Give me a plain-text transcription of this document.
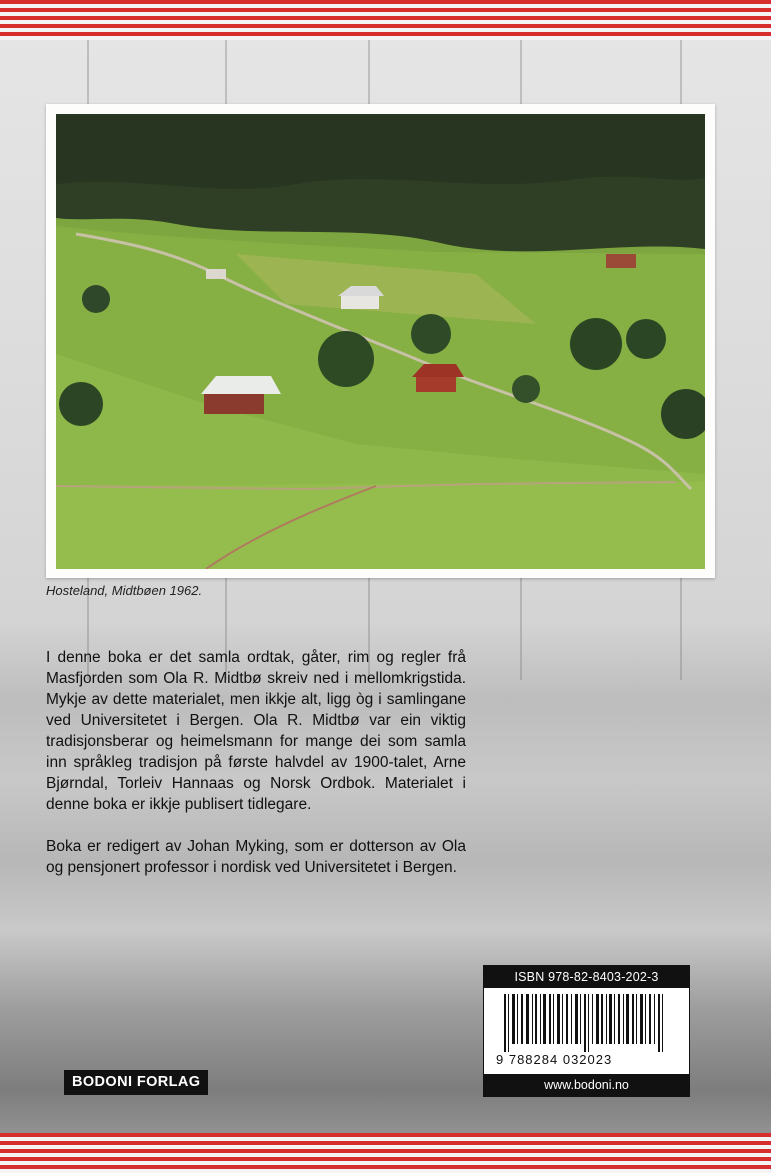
Hosteland, Midtbøen 1962.

I denne boka er det samla ordtak, gåter, rim og regler frå Masfjorden som Ola R. Midtbø skreiv ned i mellomkrigstida. Mykje av dette materialet, men ikkje alt, ligg òg i samlingane ved Universitetet i Bergen. Ola R. Midtbø var ein viktig tradisjonsberar og heimelsmann for mange dei som samla inn språkleg tradisjon på første halvdel av 1900-talet, Arne Bjørndal, Torleiv Hannaas og Norsk Ordbok. Materialet i denne boka er ikkje publisert tidlegare.

Boka er redigert av Johan Myking, som er dotterson av Ola og pensjonert professor i nordisk ved Universitetet i Bergen.

ISBN 978-82-8403-202-3
9 788284 032023
www.bodoni.no
BODONI FORLAG
